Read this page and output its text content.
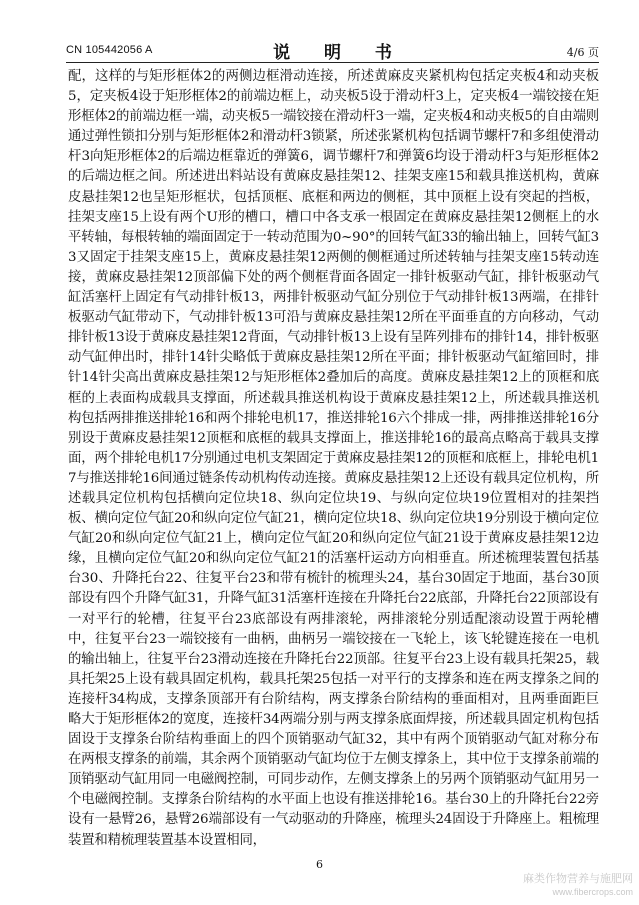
CN 105442056 A	说 明 书	4/6 页

配，这样的与矩形框体2的两侧边框滑动连接，所述黄麻皮夹紧机构包括定夹板4和动夹板5，定夹板4设于矩形框体2的前端边框上，动夹板5设于滑动杆3上，定夹板4一端铰接在矩形框体2的前端边框一端，动夹板5一端铰接在滑动杆3一端，定夹板4和动夹板5的自由端则通过弹性锁扣分别与矩形框体2和滑动杆3锁紧，所述张紧机构包括调节螺杆7和多组使滑动杆3向矩形框体2的后端边框靠近的弹簧6，调节螺杆7和弹簧6均设于滑动杆3与矩形框体2的后端边框之间。所述进出料站设有黄麻皮悬挂架12、挂架支座15和载具推送机构，黄麻皮悬挂架12也呈矩形框状，包括顶框、底框和两边的侧框，其中顶框上设有突起的挡板，挂架支座15上设有两个U形的槽口，槽口中各支承一根固定在黄麻皮悬挂架12侧框上的水平转轴，每根转轴的端面固定于一转动范围为0~90°的回转气缸33的输出轴上，回转气缸33又固定于挂架支座15上，黄麻皮悬挂架12两侧的侧框通过所述转轴与挂架支座15转动连接，黄麻皮悬挂架12顶部偏下处的两个侧框背面各固定一排针板驱动气缸，排针板驱动气缸活塞杆上固定有气动排针板13，两排针板驱动气缸分别位于气动排针板13两端，在排针板驱动气缸带动下，气动排针板13可沿与黄麻皮悬挂架12所在平面垂直的方向移动，气动排针板13设于黄麻皮悬挂架12背面，气动排针板13上设有呈阵列排布的排针14，排针板驱动气缸伸出时，排针14针尖略低于黄麻皮悬挂架12所在平面；排针板驱动气缸缩回时，排针14针尖高出黄麻皮悬挂架12与矩形框体2叠加后的高度。黄麻皮悬挂架12上的顶框和底框的上表面构成载具支撑面，所述载具推送机构设于黄麻皮悬挂架12上，所述载具推送机构包括两排推送排轮16和两个排轮电机17，推送排轮16六个排成一排，两排推送排轮16分别设于黄麻皮悬挂架12顶框和底框的载具支撑面上，推送排轮16的最高点略高于载具支撑面，两个排轮电机17分别通过电机支架固定于黄麻皮悬挂架12的顶框和底框上，排轮电机17与推送排轮16间通过链条传动机构传动连接。黄麻皮悬挂架12上还设有载具定位机构，所述载具定位机构包括横向定位块18、纵向定位块19、与纵向定位块19位置相对的挂架挡板、横向定位气缸20和纵向定位气缸21，横向定位块18、纵向定位块19分别设于横向定位气缸20和纵向定位气缸21上，横向定位气缸20和纵向定位气缸21设于黄麻皮悬挂架12边缘，且横向定位气缸20和纵向定位气缸21的活塞杆运动方向相垂直。所述梳理装置包括基台30、升降托台22、往复平台23和带有梳针的梳理头24，基台30固定于地面，基台30顶部设有四个升降气缸31，升降气缸31活塞杆连接在升降托台22底部，升降托台22顶部设有一对平行的轮槽，往复平台23底部设有两排滚轮，两排滚轮分别适配滚动设置于两轮槽中，往复平台23一端铰接有一曲柄，曲柄另一端铰接在一飞轮上，该飞轮键连接在一电机的输出轴上，往复平台23滑动连接在升降托台22顶部。往复平台23上设有载具托架25，载具托架25上设有载具固定机构，载具托架25包括一对平行的支撑条和连在两支撑条之间的连接杆34构成，支撑条顶部开有台阶结构，两支撑条台阶结构的垂面相对，且两垂面距巨略大于矩形框体2的宽度，连接杆34两端分别与两支撑条底面焊接，所述载具固定机构包括固设于支撑条台阶结构垂面上的四个顶销驱动气缸32，其中有两个顶销驱动气缸对称分布在两根支撑条的前端，其余两个顶销驱动气缸均位于左侧支撑条上，其中位于支撑条前端的顶销驱动气缸用同一电磁阀控制，可同步动作，左侧支撑条上的另两个顶销驱动气缸用另一个电磁阀控制。支撑条台阶结构的水平面上也设有推送排轮16。基台30上的升降托台22旁设有一悬臂26，悬臂26端部设有一气动驱动的升降座，梳理头24固设于升降座上。粗梳理装置和精梳理装置基本设置相同，

6
麻类作物营养与施肥网
www.fibercrops.com
